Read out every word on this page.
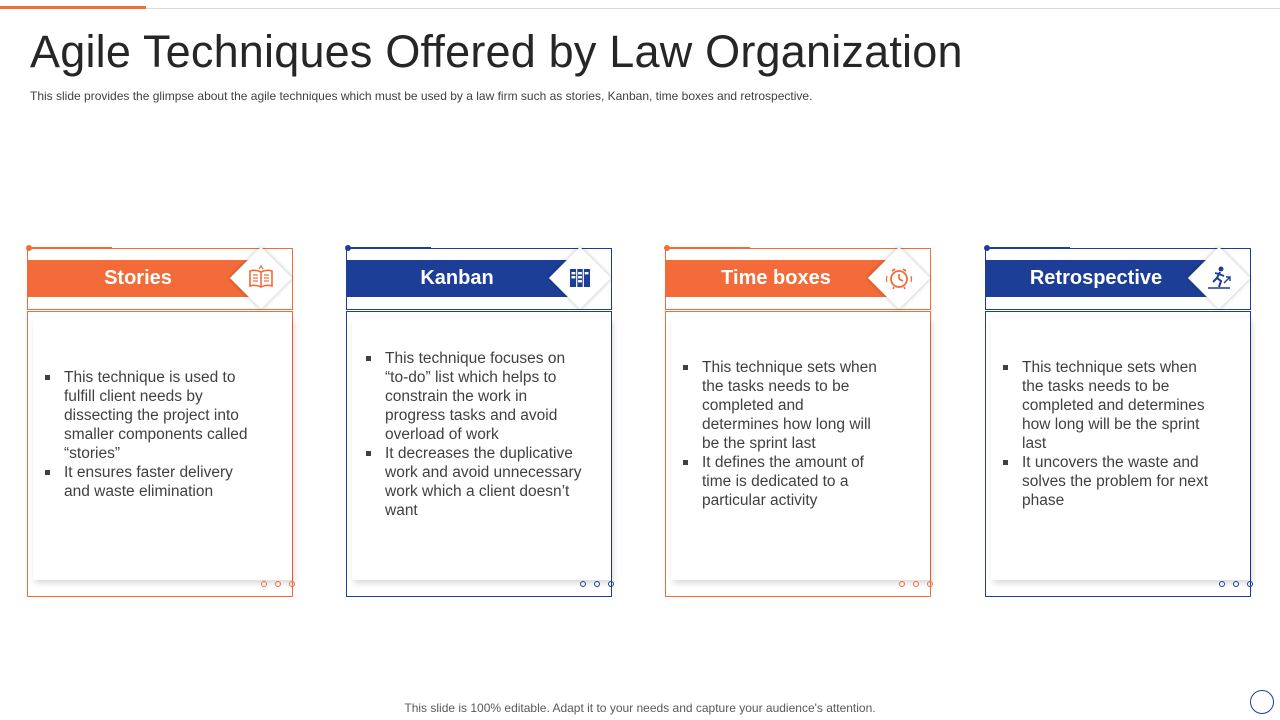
Agile Techniques Offered by Law Organization
This slide provides the glimpse about the agile techniques which must be used by a law firm such as stories, Kanban, time boxes and retrospective.
Stories
This technique is used to fulfill client needs by dissecting the project into smaller components called “stories”
It ensures faster delivery and waste elimination
Kanban
This technique focuses on “to-do” list which helps to constrain the work in progress tasks and avoid overload of work
It decreases the duplicative work and avoid unnecessary work which a client doesn’t want
Time boxes
This technique sets when the tasks needs to be completed and determines how long will be the sprint last
It defines the amount of time is dedicated to a particular activity
Retrospective
This technique sets when the tasks needs to be completed and determines how long will be the sprint last
It uncovers the waste and solves the problem for next phase
This slide is 100% editable. Adapt it to your needs and capture your audience's attention.
